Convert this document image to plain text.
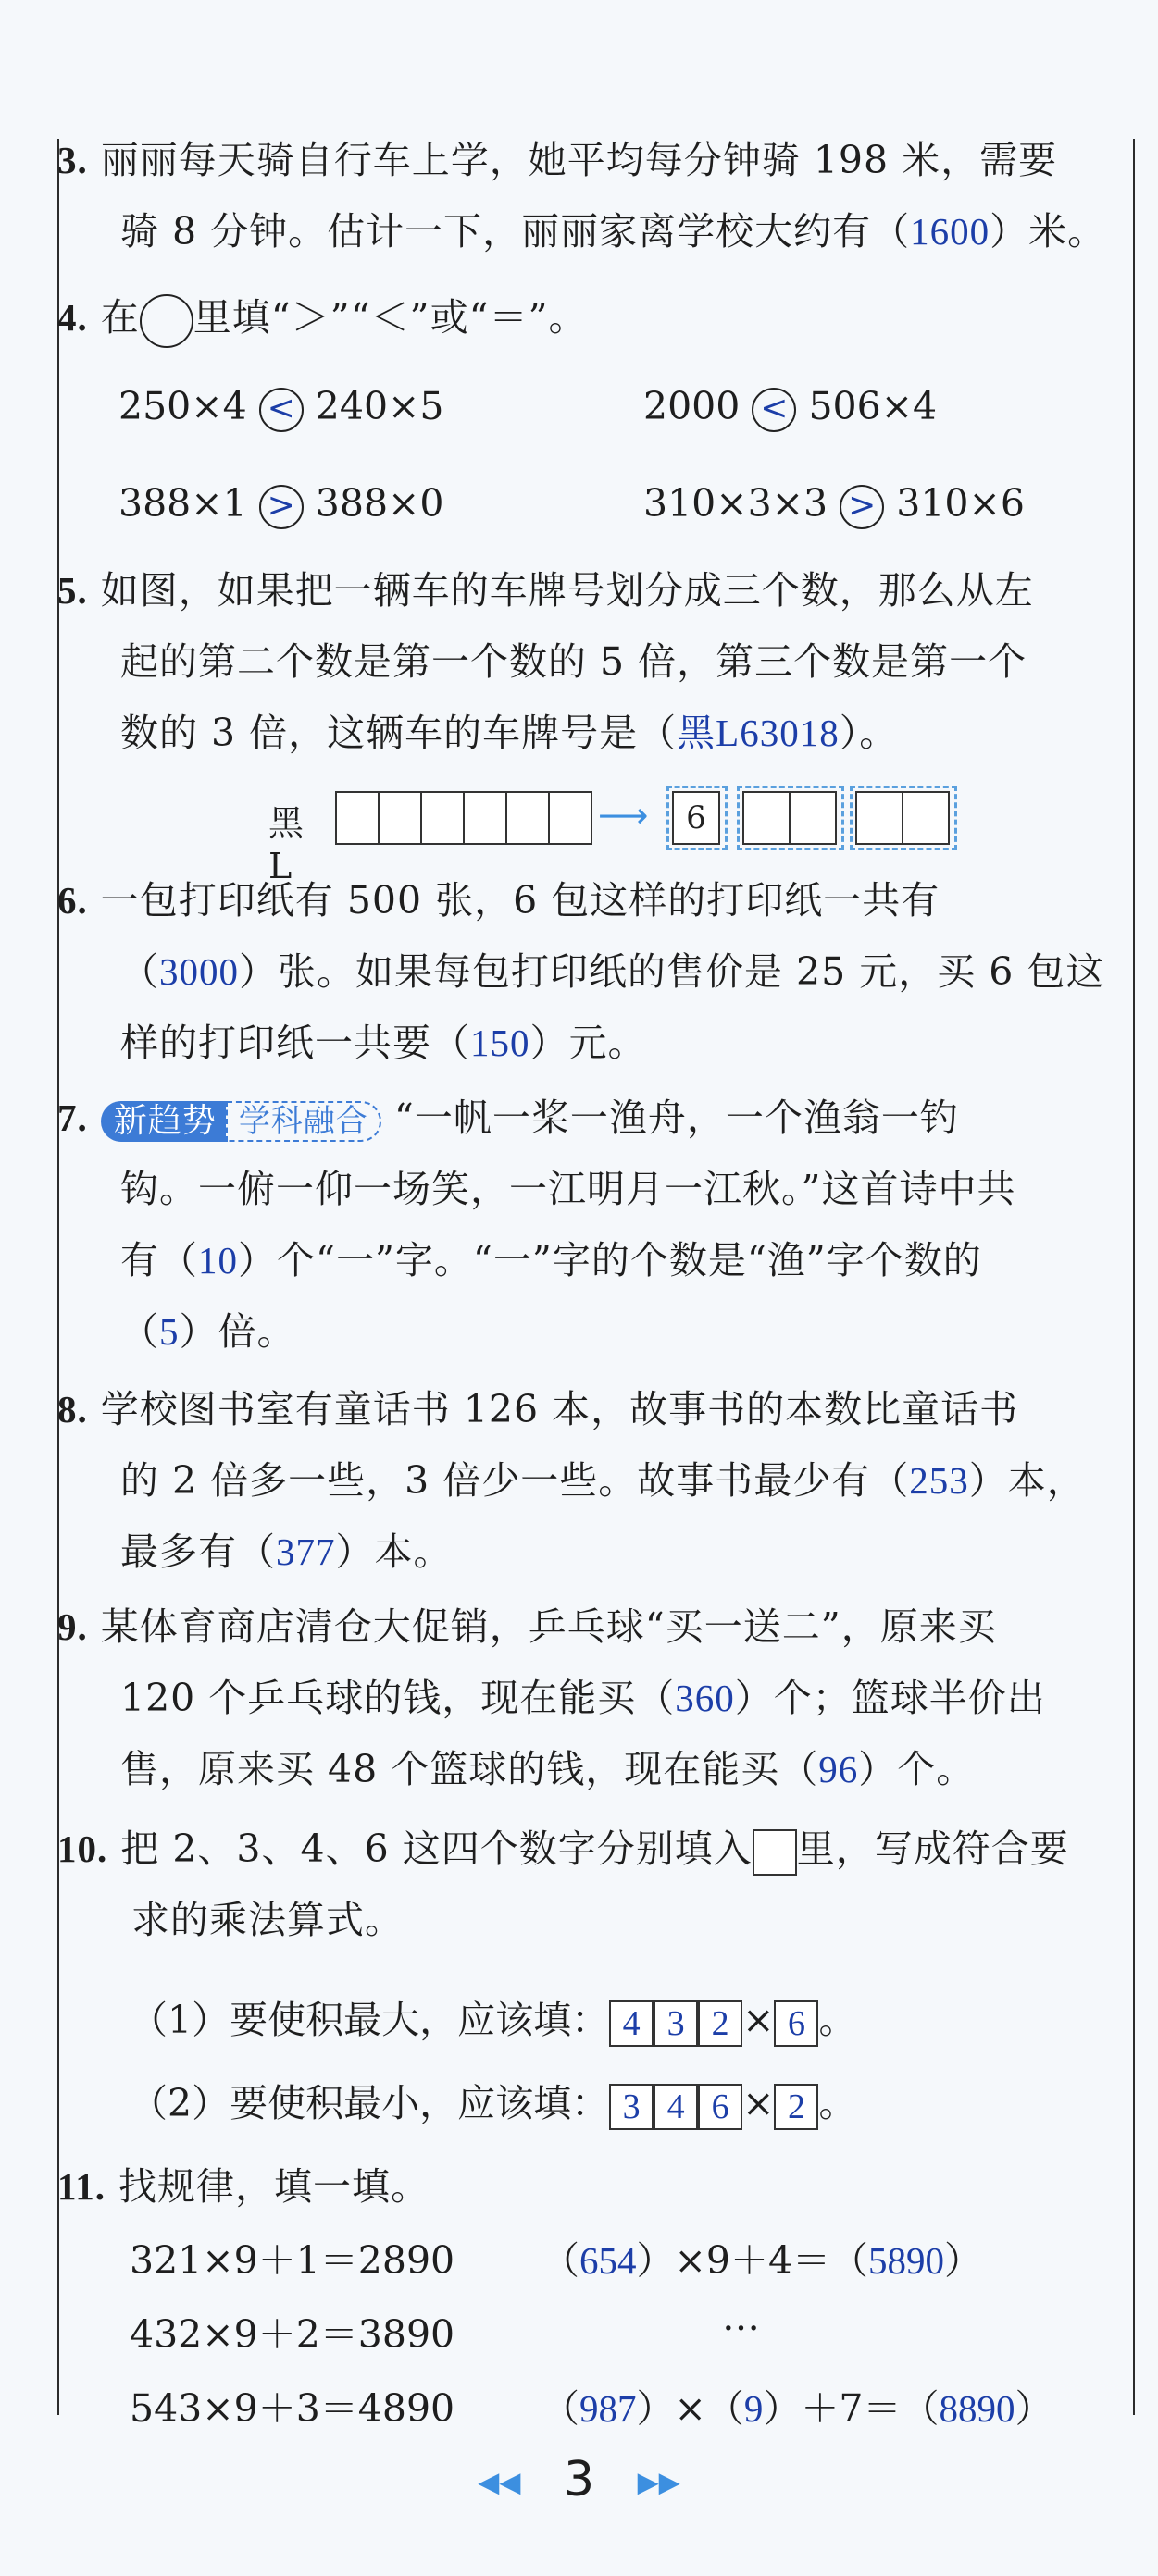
3. 丽丽每天骑自行车上学，她平均每分钟骑 198 米，需要
骑 8 分钟。估计一下，丽丽家离学校大约有（1600）米。
4. 在 里填“＞”“＜”或“＝”。
250×4 < 240×5	2000 < 506×4
388×1 > 388×0	310×3×3 > 310×6
5. 如图，如果把一辆车的车牌号划分成三个数，那么从左
起的第二个数是第一个数的 5 倍，第三个数是第一个
数的 3 倍，这辆车的车牌号是（黑L63018）。
黑L
⟶	6
6. 一包打印纸有 500 张，6 包这样的打印纸一共有
（3000）张。如果每包打印纸的售价是 25 元，买 6 包这
样的打印纸一共要（150）元。
7. 新趋势 学科融合 “一帆一桨一渔舟，一个渔翁一钓
钩。一俯一仰一场笑，一江明月一江秋。”这首诗中共
有（10）个“一”字。“一”字的个数是“渔”字个数的
（5）倍。
8. 学校图书室有童话书 126 本，故事书的本数比童话书
的 2 倍多一些，3 倍少一些。故事书最少有（253）本，
最多有（377）本。
9. 某体育商店清仓大促销，乒乓球“买一送二”，原来买
120 个乒乓球的钱，现在能买（360）个；篮球半价出
售，原来买 48 个篮球的钱，现在能买（96）个。
10. 把 2、3、4、6 这四个数字分别填入 里，写成符合要
求的乘法算式。
（1）要使积最大，应该填： 4 3 2 × 6 。
（2）要使积最小，应该填： 3 4 6 × 2 。
11. 找规律，填一填。
321×9＋1＝2890
432×9＋2＝3890
543×9＋3＝4890
（654）×9＋4＝（5890）
…
（987）×（9）＋7＝（8890）
◀◀ 3 ▶▶
